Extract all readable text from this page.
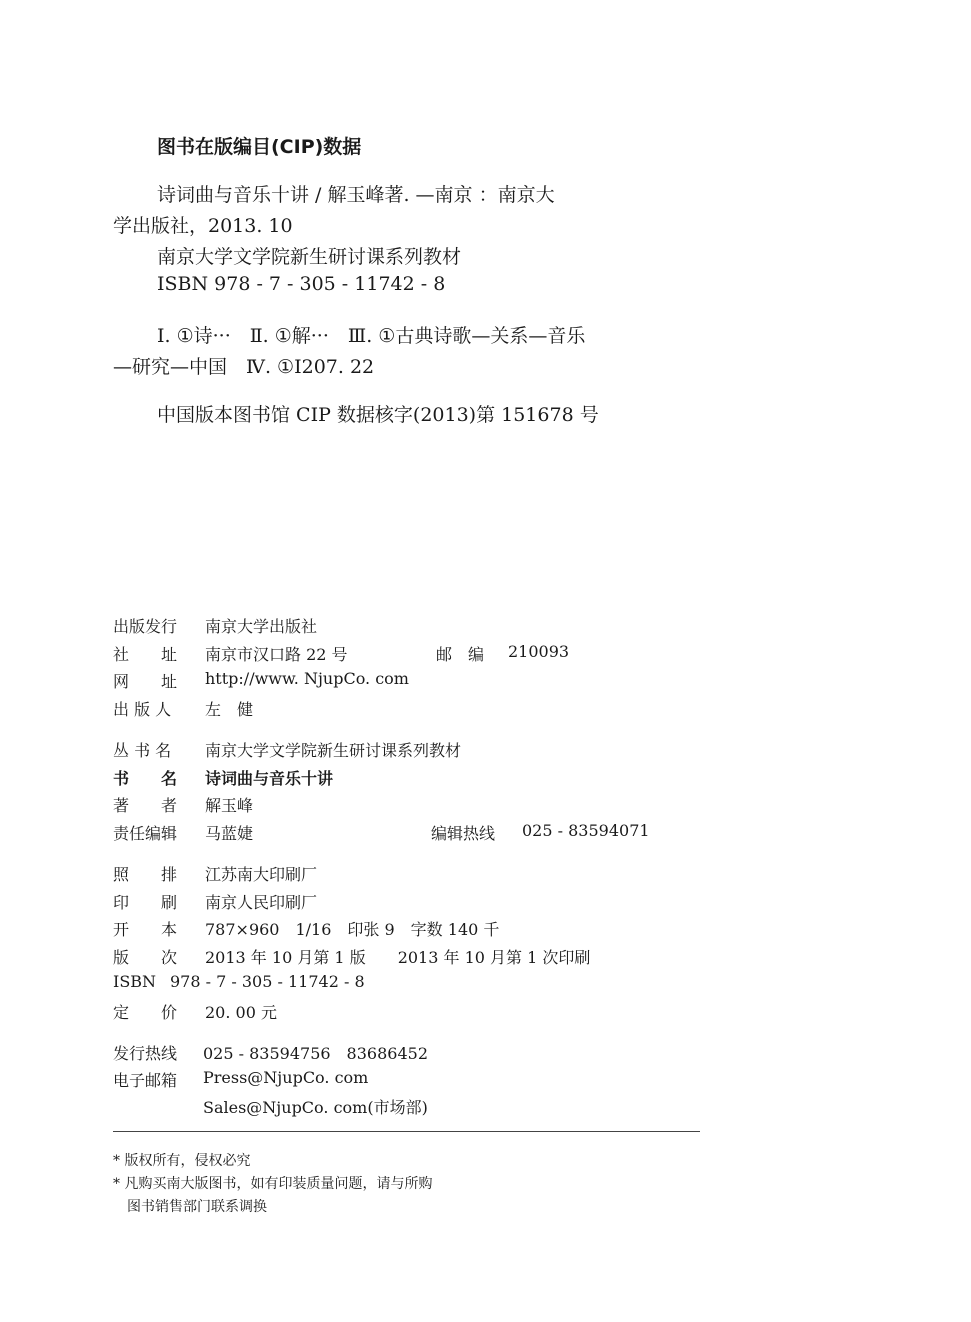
图书在版编目(CIP)数据
诗词曲与音乐十讲 / 解玉峰著. —南京 ：南京大
学出版社，2013. 10
南京大学文学院新生研讨课系列教材
ISBN 978 - 7 - 305 - 11742 - 8
Ⅰ. ①诗···　Ⅱ. ①解···　Ⅲ. ①古典诗歌—关系—音乐
—研究—中国　Ⅳ. ①I207. 22
中国版本图书馆 CIP 数据核字(2013)第 151678 号
出版发行 南京大学出版社
社　　址 南京市汉口路 22 号	邮　编 210093
网　　址 http://www. NjupCo. com
出 版 人 左　健
丛 书 名 南京大学文学院新生研讨课系列教材
书　　名 诗词曲与音乐十讲
著　　者 解玉峰
责任编辑 马蓝婕	编辑热线 025 - 83594071
照　　排 江苏南大印刷厂
印　　刷 南京人民印刷厂
开　　本 787×960　1/16　印张 9　字数 140 千
版　　次 2013 年 10 月第 1 版　　2013 年 10 月第 1 次印刷
ISBN 978 - 7 - 305 - 11742 - 8
定　　价 20. 00 元
发行热线 025 - 83594756　83686452
电子邮箱 Press@NjupCo. com
Sales@NjupCo. com(市场部)
* 版权所有，侵权必究
* 凡购买南大版图书，如有印装质量问题，请与所购
图书销售部门联系调换
